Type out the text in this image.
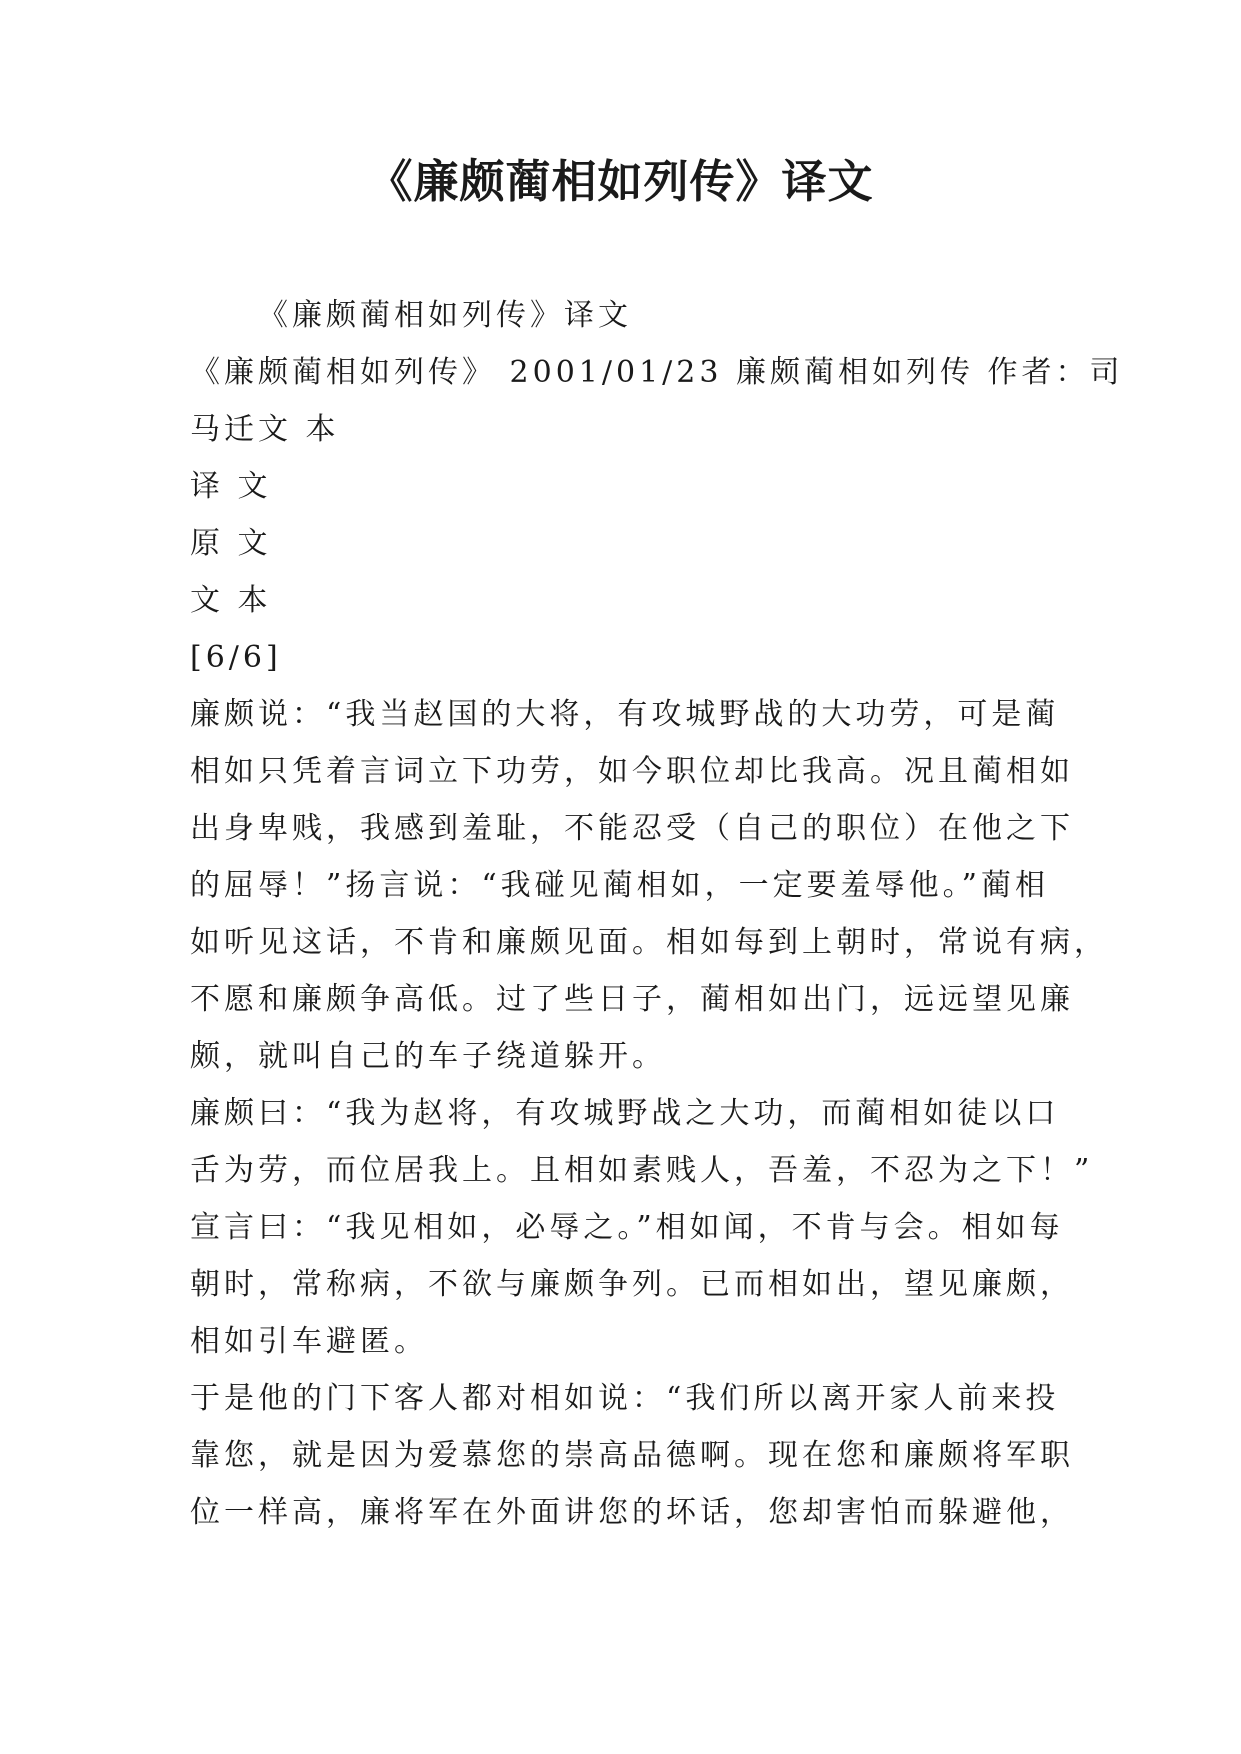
《廉颇蔺相如列传》译文
《廉颇蔺相如列传》译文
《廉颇蔺相如列传》 2001/01/23 廉颇蔺相如列传 作者：司
马迁文 本
译 文
原 文
文 本
[6/6]
廉颇说：“我当赵国的大将，有攻城野战的大功劳，可是蔺
相如只凭着言词立下功劳，如今职位却比我高。况且蔺相如
出身卑贱，我感到羞耻，不能忍受（自己的职位）在他之下
的屈辱！”扬言说：“我碰见蔺相如，一定要羞辱他。”蔺相
如听见这话，不肯和廉颇见面。相如每到上朝时，常说有病，
不愿和廉颇争高低。过了些日子，蔺相如出门，远远望见廉
颇，就叫自己的车子绕道躲开。
廉颇曰：“我为赵将，有攻城野战之大功，而蔺相如徒以口
舌为劳，而位居我上。且相如素贱人，吾羞，不忍为之下！”
宣言曰：“我见相如，必辱之。”相如闻，不肯与会。相如每
朝时，常称病，不欲与廉颇争列。已而相如出，望见廉颇，
相如引车避匿。
于是他的门下客人都对相如说：“我们所以离开家人前来投
靠您，就是因为爱慕您的崇高品德啊。现在您和廉颇将军职
位一样高，廉将军在外面讲您的坏话，您却害怕而躲避他，
